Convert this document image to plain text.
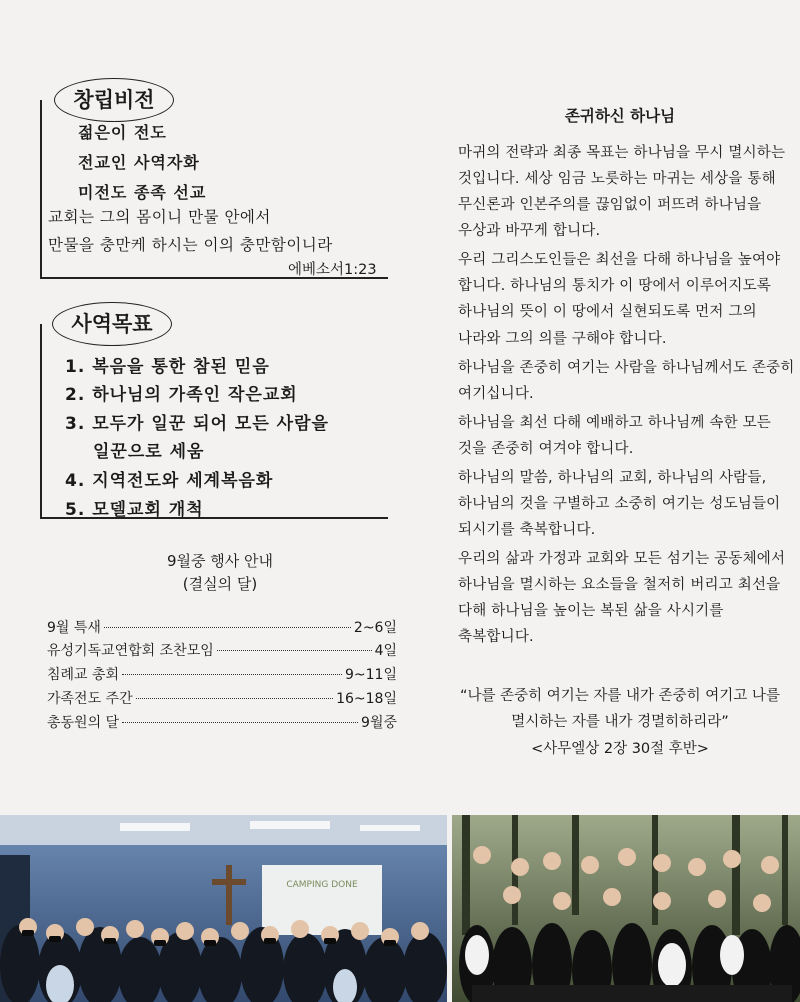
창립비전
젊은이 전도
전교인 사역자화
미전도 종족 선교
교회는 그의 몸이니 만물 안에서
만물을 충만케 하시는 이의 충만함이니라
에베소서1:23
사역목표
1. 복음을 통한 참된 믿음
2. 하나님의 가족인 작은교회
3. 모두가 일꾼 되어 모든 사람을
일꾼으로 세움
4. 지역전도와 세계복음화
5. 모델교회 개척
9월중 행사 안내
(결실의 달)
9월 특새	2~6일
유성기독교연합회 조찬모임	4일
침례교 총회	9~11일
가족전도 주간	16~18일
총동원의 달	9월중
존귀하신 하나님
마귀의 전략과 최종 목표는 하나님을 무시 멸시하는
것입니다. 세상 임금 노릇하는 마귀는 세상을 통해
무신론과 인본주의를 끊임없이 퍼뜨려 하나님을
우상과 바꾸게 합니다.
우리 그리스도인들은 최선을 다해 하나님을 높여야
합니다. 하나님의 통치가 이 땅에서 이루어지도록
하나님의 뜻이 이 땅에서 실현되도록 먼저 그의
나라와 그의 의를 구해야 합니다.
하나님을 존중히 여기는 사람을 하나님께서도 존중히
여기십니다.
하나님을 최선 다해 예배하고 하나님께 속한 모든
것을 존중히 여겨야 합니다.
하나님의 말씀, 하나님의 교회, 하나님의 사람들,
하나님의 것을 구별하고 소중히 여기는 성도님들이
되시기를 축복합니다.
우리의 삶과 가정과 교회와 모든 섬기는 공동체에서
하나님을 멸시하는 요소들을 철저히 버리고 최선을
다해 하나님을 높이는 복된 삶을 사시기를
축복합니다.
“나를 존중히 여기는 자를 내가 존중히 여기고 나를
멸시하는 자를 내가 경멸히하리라”
<사무엘상 2장 30절 후반>
CAMPING DONE
